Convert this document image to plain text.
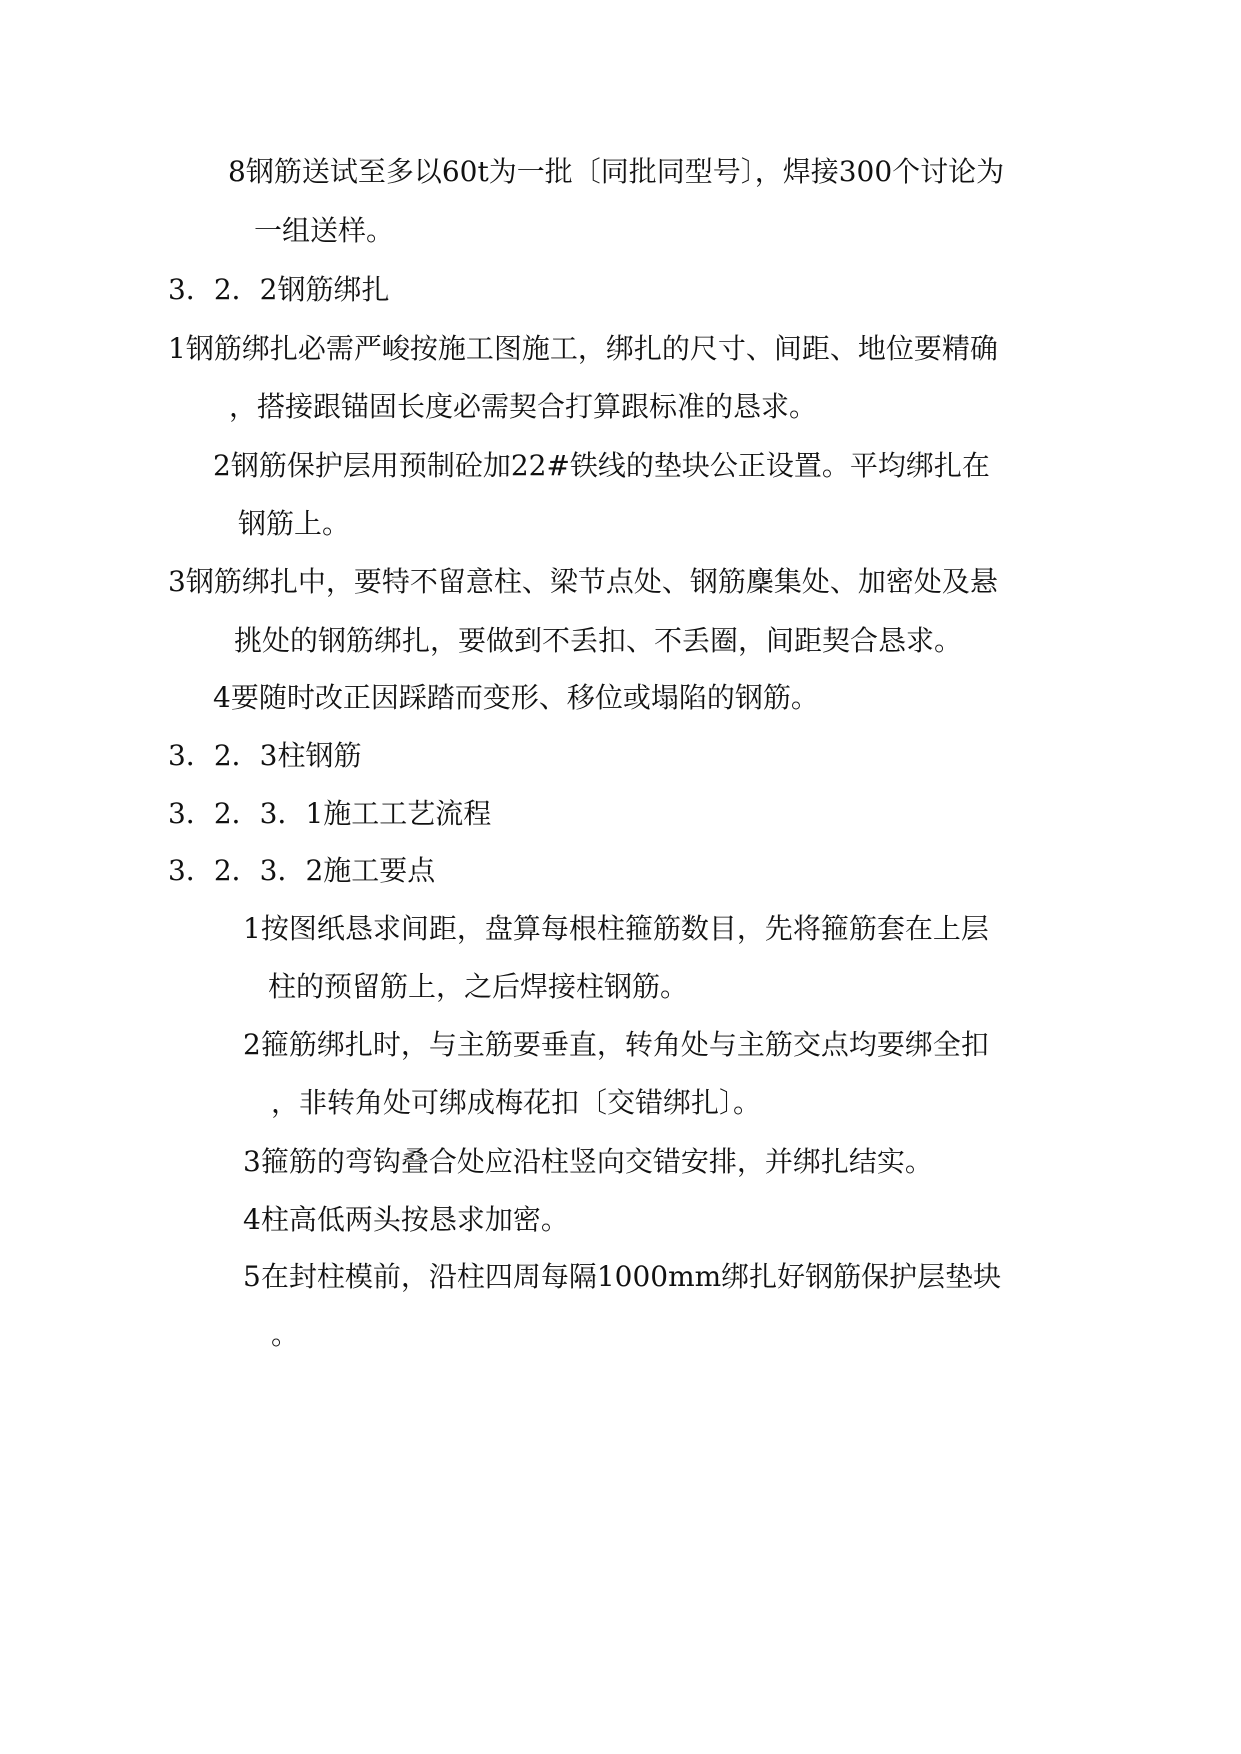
8钢筋送试至多以60t为一批〔同批同型号〕，焊接300个讨论为

一组送样。

3．2．2钢筋绑扎

1钢筋绑扎必需严峻按施工图施工，绑扎的尺寸、间距、地位要精确

，搭接跟锚固长度必需契合打算跟标准的恳求。

2钢筋保护层用预制砼加22#铁线的垫块公正设置。平均绑扎在

钢筋上。

3钢筋绑扎中，要特不留意柱、梁节点处、钢筋麇集处、加密处及悬

挑处的钢筋绑扎，要做到不丢扣、不丢圈，间距契合恳求。

4要随时改正因踩踏而变形、移位或塌陷的钢筋。

3．2．3柱钢筋

3．2．3．1施工工艺流程

3．2．3．2施工要点

1按图纸恳求间距，盘算每根柱箍筋数目，先将箍筋套在上层

柱的预留筋上，之后焊接柱钢筋。

2箍筋绑扎时，与主筋要垂直，转角处与主筋交点均要绑全扣

，非转角处可绑成梅花扣〔交错绑扎〕。

3箍筋的弯钩叠合处应沿柱竖向交错安排，并绑扎结实。

4柱高低两头按恳求加密。

5在封柱模前，沿柱四周每隔1000mm绑扎好钢筋保护层垫块

。
